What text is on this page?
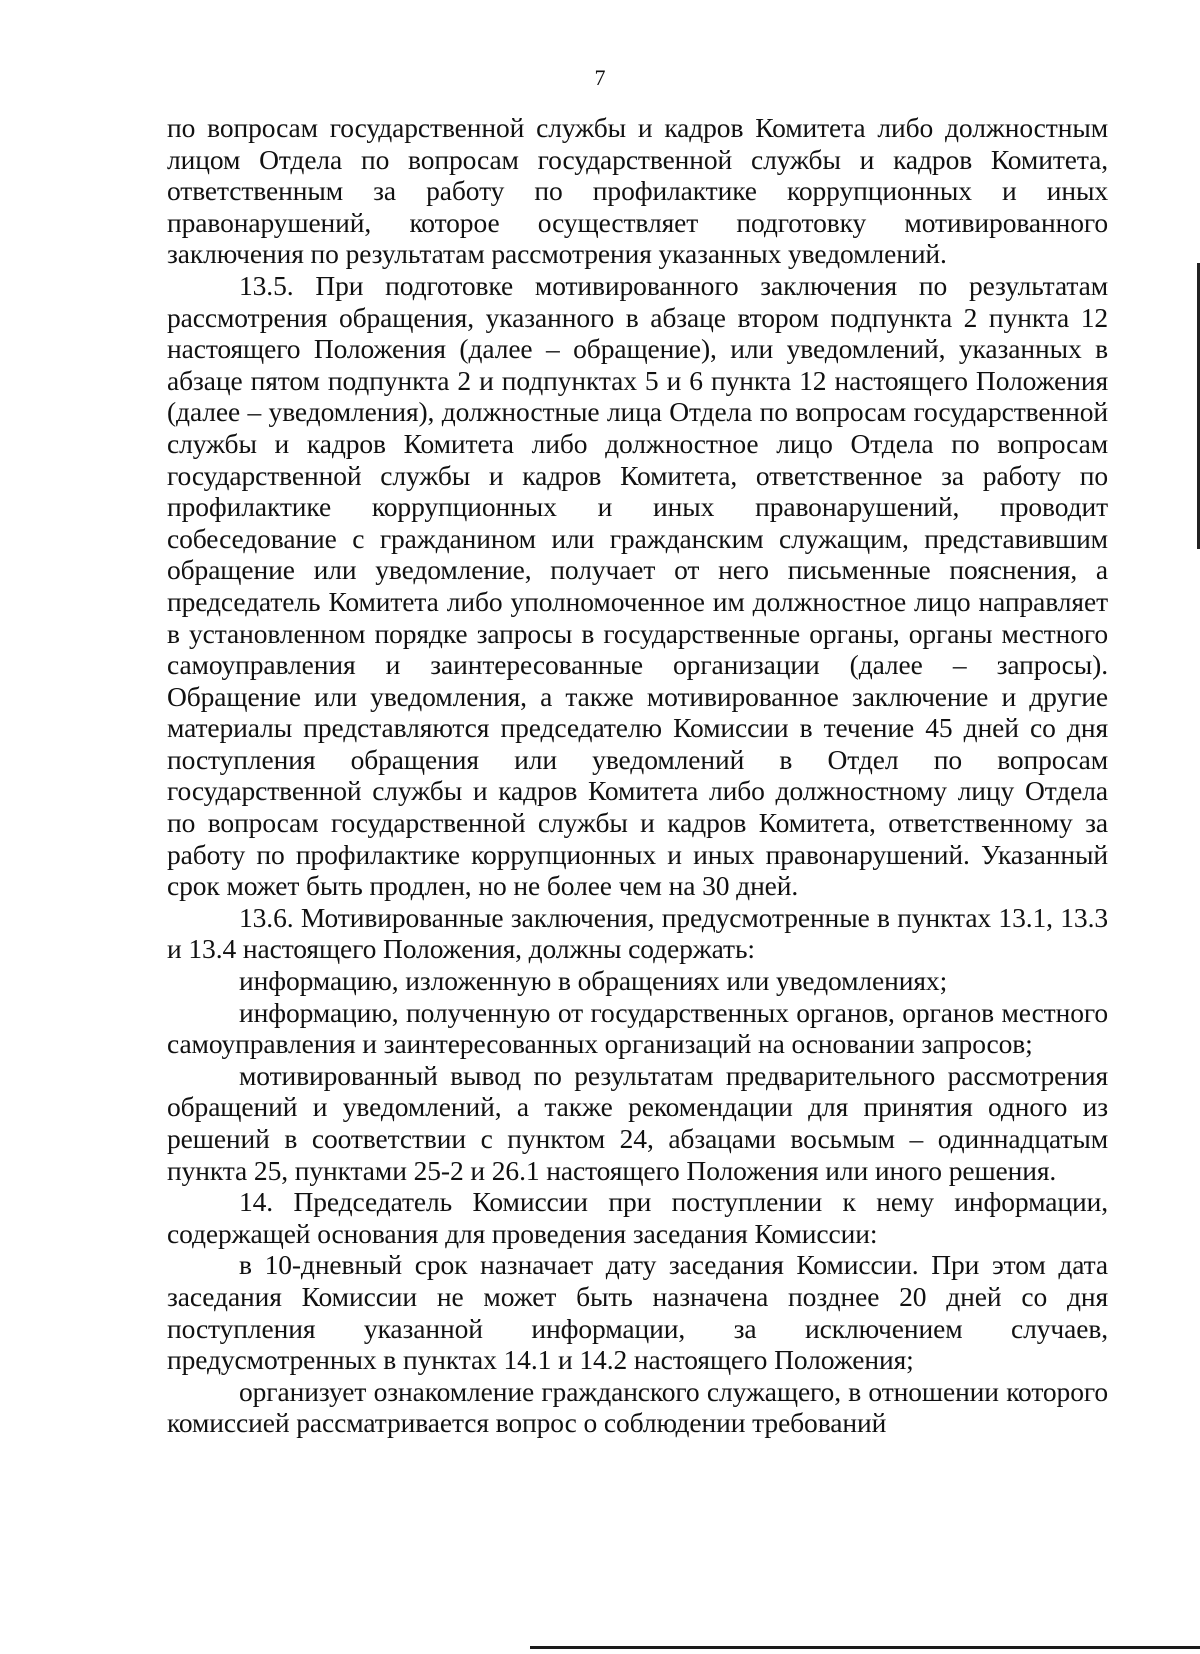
7

по вопросам государственной службы и кадров Комитета либо должностным лицом Отдела по вопросам государственной службы и кадров Комитета, ответственным за работу по профилактике коррупционных и иных правонарушений, которое осуществляет подготовку мотивированного заключения по результатам рассмотрения указанных уведомлений.

13.5. При подготовке мотивированного заключения по результатам рассмотрения обращения, указанного в абзаце втором подпункта 2 пункта 12 настоящего Положения (далее – обращение), или уведомлений, указанных в абзаце пятом подпункта 2 и подпунктах 5 и 6 пункта 12 настоящего Положения (далее – уведомления), должностные лица Отдела по вопросам государственной службы и кадров Комитета либо должностное лицо Отдела по вопросам государственной службы и кадров Комитета, ответственное за работу по профилактике коррупционных и иных правонарушений, проводит собеседование с гражданином или гражданским служащим, представившим обращение или уведомление, получает от него письменные пояснения, а председатель Комитета либо уполномоченное им должностное лицо направляет в установленном порядке запросы в государственные органы, органы местного самоуправления и заинтересованные организации (далее – запросы). Обращение или уведомления, а также мотивированное заключение и другие материалы представляются председателю Комиссии в течение 45 дней со дня поступления обращения или уведомлений в Отдел по вопросам государственной службы и кадров Комитета либо должностному лицу Отдела по вопросам государственной службы и кадров Комитета, ответственному за работу по профилактике коррупционных и иных правонарушений. Указанный срок может быть продлен, но не более чем на 30 дней.

13.6. Мотивированные заключения, предусмотренные в пунктах 13.1, 13.3 и 13.4 настоящего Положения, должны содержать:

информацию, изложенную в обращениях или уведомлениях;

информацию, полученную от государственных органов, органов местного самоуправления и заинтересованных организаций на основании запросов;

мотивированный вывод по результатам предварительного рассмотрения обращений и уведомлений, а также рекомендации для принятия одного из решений в соответствии с пунктом 24, абзацами восьмым – одиннадцатым пункта 25, пунктами 25-2 и 26.1 настоящего Положения или иного решения.

14. Председатель Комиссии при поступлении к нему информации, содержащей основания для проведения заседания Комиссии:

в 10-дневный срок назначает дату заседания Комиссии. При этом дата заседания Комиссии не может быть назначена позднее 20 дней со дня поступления указанной информации, за исключением случаев, предусмотренных в пунктах 14.1 и 14.2 настоящего Положения;

организует ознакомление гражданского служащего, в отношении которого комиссией рассматривается вопрос о соблюдении требований
